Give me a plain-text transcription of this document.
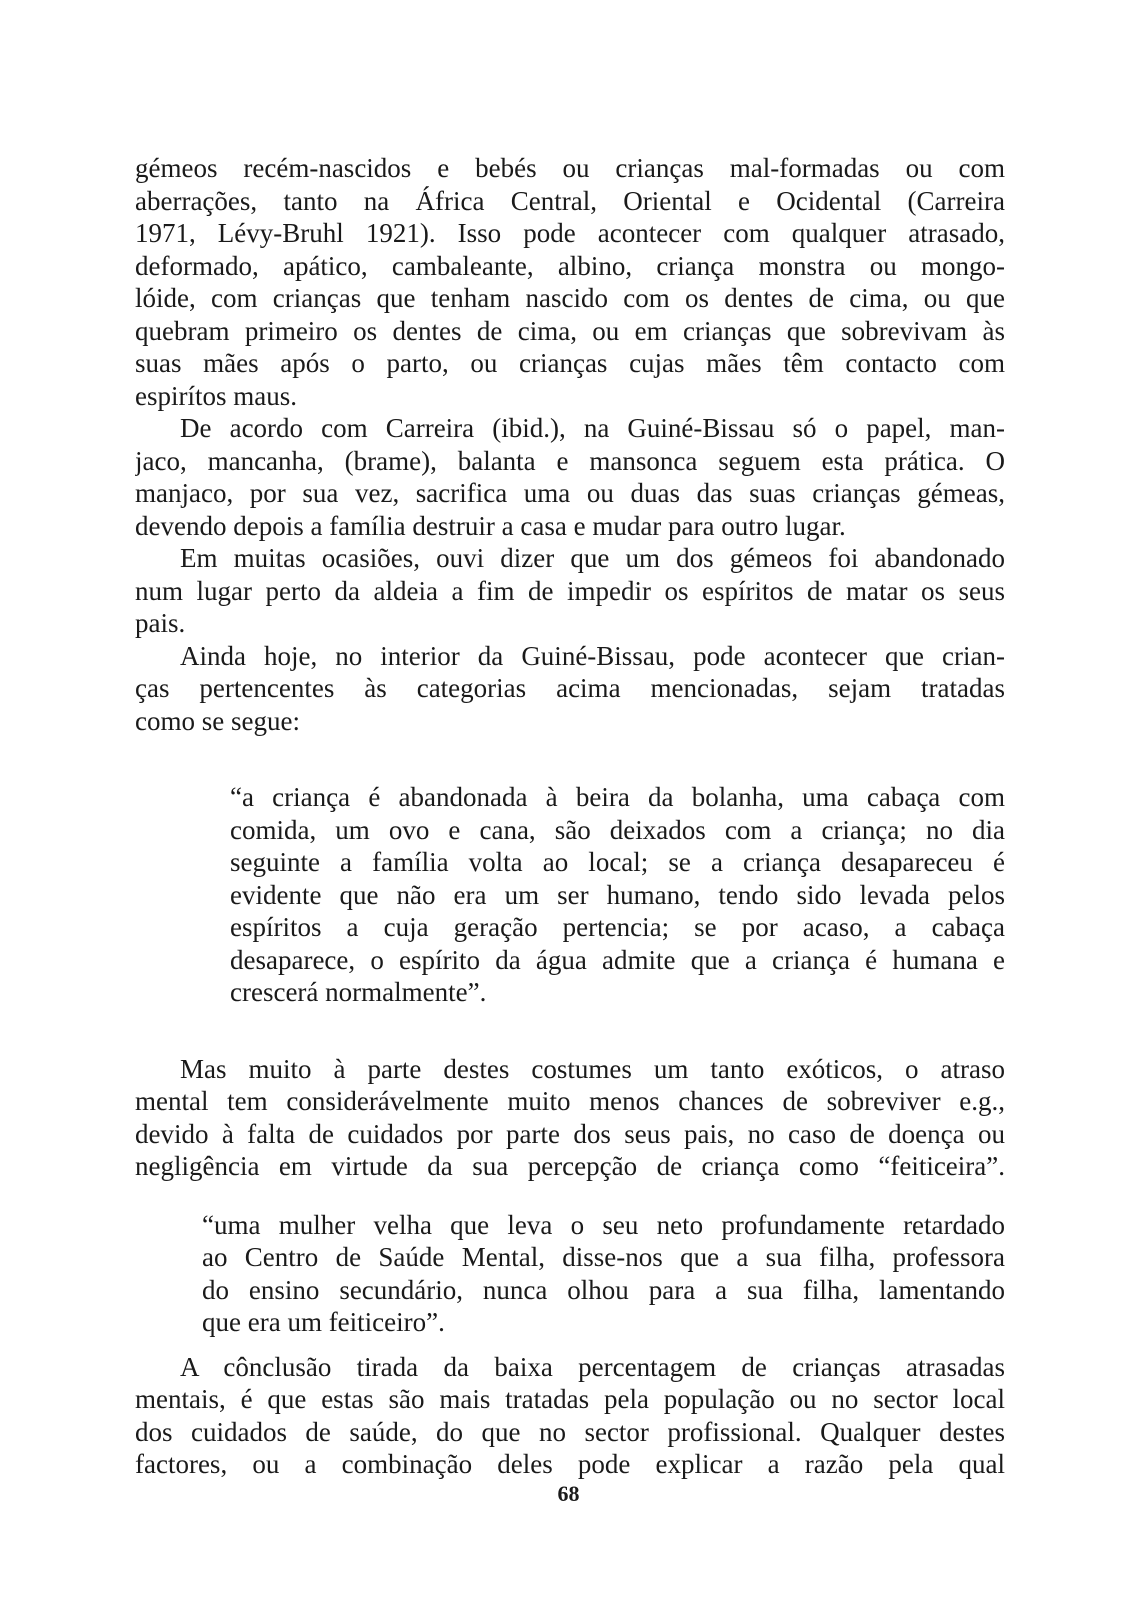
gémeos recém-nascidos e bebés ou crianças mal-formadas ou com
aberrações, tanto na África Central, Oriental e Ocidental (Carreira
1971, Lévy-Bruhl 1921). Isso pode acontecer com qualquer atrasado,
deformado, apático, cambaleante, albino, criança monstra ou mongo-
lóide, com crianças que tenham nascido com os dentes de cima, ou que
quebram primeiro os dentes de cima, ou em crianças que sobrevivam às
suas mães após o parto, ou crianças cujas mães têm contacto com
espirítos maus.
De acordo com Carreira (ibid.), na Guiné-Bissau só o papel, man-
jaco, mancanha, (brame), balanta e mansonca seguem esta prática. O
manjaco, por sua vez, sacrifica uma ou duas das suas crianças gémeas,
devendo depois a família destruir a casa e mudar para outro lugar.
Em muitas ocasiões, ouvi dizer que um dos gémeos foi abandonado
num lugar perto da aldeia a fim de impedir os espíritos de matar os seus
pais.
Ainda hoje, no interior da Guiné-Bissau, pode acontecer que crian-
ças pertencentes às categorias acima mencionadas, sejam tratadas
como se segue:
“a criança é abandonada à beira da bolanha, uma cabaça com
comida, um ovo e cana, são deixados com a criança; no dia
seguinte a família volta ao local; se a criança desapareceu é
evidente que não era um ser humano, tendo sido levada pelos
espíritos a cuja geração pertencia; se por acaso, a cabaça
desaparece, o espírito da água admite que a criança é humana e
crescerá normalmente”.
Mas muito à parte destes costumes um tanto exóticos, o atraso
mental tem considerávelmente muito menos chances de sobreviver e.g.,
devido à falta de cuidados por parte dos seus pais, no caso de doença ou
negligência em virtude da sua percepção de criança como “feiticeira”.
“uma mulher velha que leva o seu neto profundamente retardado
ao Centro de Saúde Mental, disse-nos que a sua filha, professora
do ensino secundário, nunca olhou para a sua filha, lamentando
que era um feiticeiro”.
A cônclusão tirada da baixa percentagem de crianças atrasadas
mentais, é que estas são mais tratadas pela população ou no sector local
dos cuidados de saúde, do que no sector profissional. Qualquer destes
factores, ou a combinação deles pode explicar a razão pela qual
68
